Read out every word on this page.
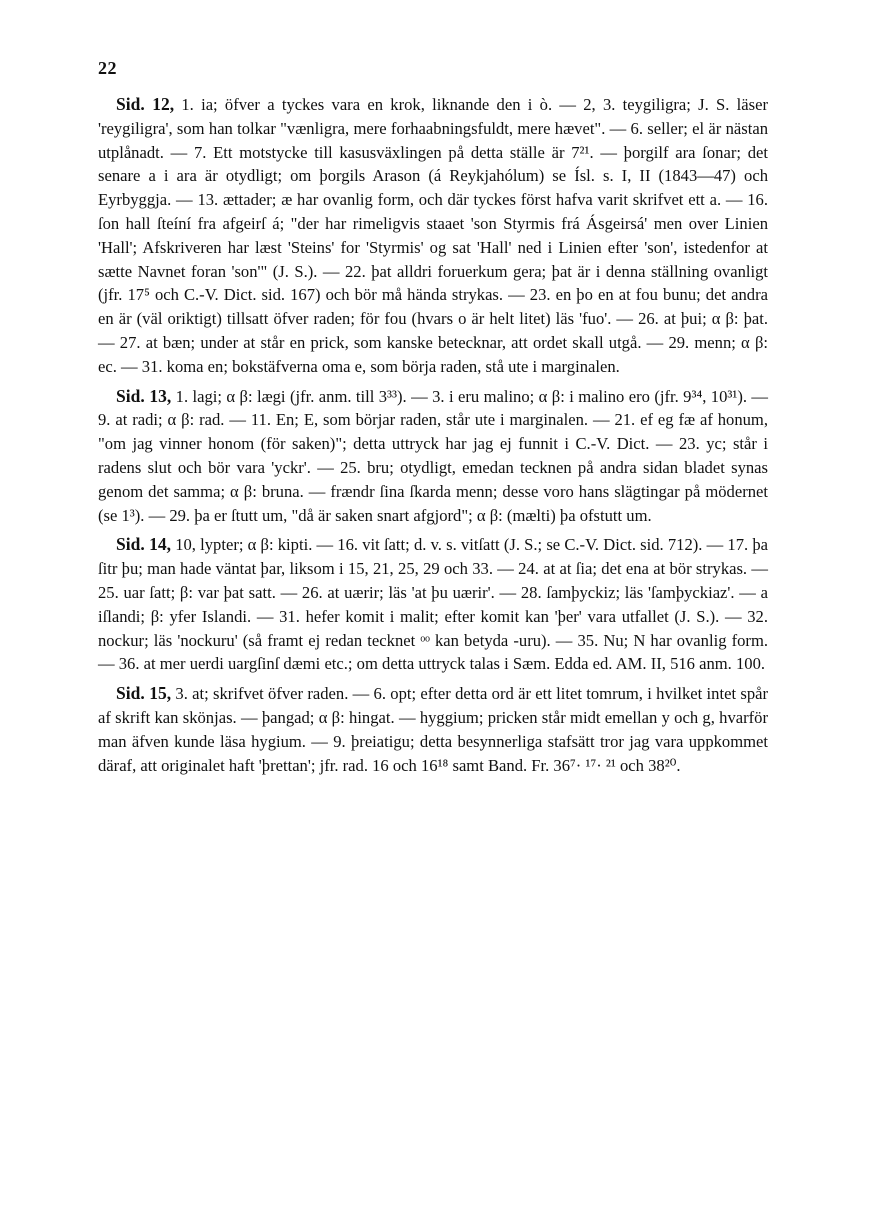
22

Sid. 12, 1. ia; öfver a tyckes vara en krok, liknande den i ò. — 2, 3. teygiligra; J. S. läser 'reygiligra', som han tolkar "vænligra, mere forhaabningsfuldt, mere hævet". — 6. seller; el är nästan utplånadt. — 7. Ett motstycke till kasusväxlingen på detta ställe är 7²¹. — þorgilf ara ſonar; det senare a i ara är otydligt; om þorgils Arason (á Reykjahólum) se Ísl. s. I, II (1843—47) och Eyrbyggja. — 13. ættader; æ har ovanlig form, och där tyckes först hafva varit skrifvet ett a. — 16. ſon hall ſteíní fra afgeirſ á; "der har rimeligvis staaet 'son Styrmis frá Ásgeirsá' men over Linien 'Hall'; Afskriveren har læst 'Steins' for 'Styrmis' og sat 'Hall' ned i Linien efter 'son', istedenfor at sætte Navnet foran 'son'" (J. S.). — 22. þat alldri foruerkum gera; þat är i denna ställning ovanligt (jfr. 17⁵ och C.-V. Dict. sid. 167) och bör må hända strykas. — 23. en þo en at fou bunu; det andra en är (väl oriktigt) tillsatt öfver raden; för fou (hvars o är helt litet) läs 'fuo'. — 26. at þui; α β: þat. — 27. at bæn; under at står en prick, som kanske betecknar, att ordet skall utgå. — 29. menn; α β: ec. — 31. koma en; bokstäfverna oma e, som börja raden, stå ute i marginalen.

Sid. 13, 1. lagi; α β: lægi (jfr. anm. till 3³³). — 3. i eru malino; α β: i malino ero (jfr. 9³⁴, 10³¹). — 9. at radi; α β: rad. — 11. En; E, som börjar raden, står ute i marginalen. — 21. ef eg fæ af honum, "om jag vinner honom (för saken)"; detta uttryck har jag ej funnit i C.-V. Dict. — 23. yc; står i radens slut och bör vara 'yckr'. — 25. bru; otydligt, emedan tecknen på andra sidan bladet synas genom det samma; α β: bruna. — frændr ſina ſkarda menn; desse voro hans slägtingar på mödernet (se 1³). — 29. þa er ſtutt um, "då är saken snart afgjord"; α β: (mælti) þa ofstutt um.

Sid. 14, 10, lypter; α β: kipti. — 16. vit ſatt; d. v. s. vitſatt (J. S.; se C.-V. Dict. sid. 712). — 17. þa ſitr þu; man hade väntat þar, liksom i 15, 21, 25, 29 och 33. — 24. at at ſia; det ena at bör strykas. — 25. uar ſatt; β: var þat satt. — 26. at uærir; läs 'at þu uærir'. — 28. ſamþyckiz; läs 'ſamþyckiaz'. — a iſlandi; β: yfer Islandi. — 31. hefer komit i malit; efter komit kan 'þer' vara utfallet (J. S.). — 32. nockur; läs 'nockuru' (så framt ej redan tecknet ᵒᵒ kan betyda -uru). — 35. Nu; N har ovanlig form. — 36. at mer uerdi uargſinſ dæmi etc.; om detta uttryck talas i Sæm. Edda ed. AM. II, 516 anm. 100.

Sid. 15, 3. at; skrifvet öfver raden. — 6. opt; efter detta ord är ett litet tomrum, i hvilket intet spår af skrift kan skönjas. — þangad; α β: hingat. — hyggium; pricken står midt emellan y och g, hvarför man äfven kunde läsa hygium. — 9. þreiatigu; detta besynnerliga stafsätt tror jag vara uppkommet däraf, att originalet haft 'þrettan'; jfr. rad. 16 och 16¹⁸ samt Band. Fr. 36⁷· ¹⁷· ²¹ och 38²⁰.
